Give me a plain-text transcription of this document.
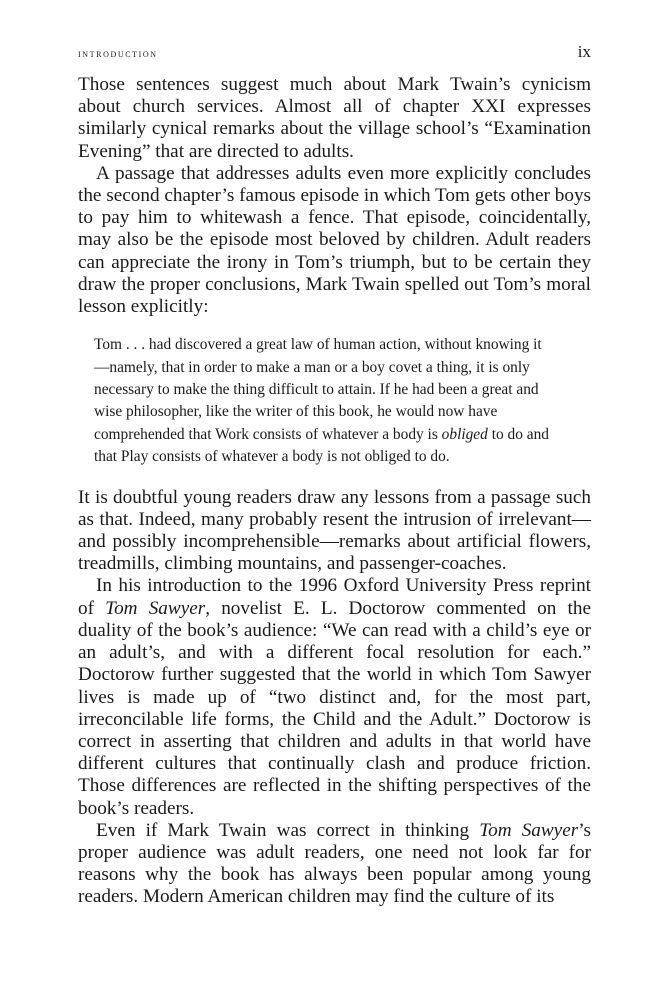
introduction	ix

Those sentences suggest much about Mark Twain’s cynicism about church services. Almost all of chapter XXI expresses similarly cynical remarks about the village school’s “Examination Evening” that are directed to adults.

A passage that addresses adults even more explicitly concludes the second chapter’s famous episode in which Tom gets other boys to pay him to whitewash a fence. That episode, coincidentally, may also be the episode most beloved by children. Adult readers can appreciate the irony in Tom’s triumph, but to be certain they draw the proper conclusions, Mark Twain spelled out Tom’s moral lesson explicitly:

Tom . . . had discovered a great law of human action, without knowing it—namely, that in order to make a man or a boy covet a thing, it is only necessary to make the thing difficult to attain. If he had been a great and wise philosopher, like the writer of this book, he would now have comprehended that Work consists of whatever a body is obliged to do and that Play consists of whatever a body is not obliged to do.

It is doubtful young readers draw any lessons from a passage such as that. Indeed, many probably resent the intrusion of irrelevant—and possibly incomprehensible—remarks about artificial flowers, treadmills, climbing mountains, and passenger-coaches.

In his introduction to the 1996 Oxford University Press reprint of Tom Sawyer, novelist E. L. Doctorow commented on the duality of the book’s audience: “We can read with a child’s eye or an adult’s, and with a different focal resolution for each.” Doctorow further suggested that the world in which Tom Sawyer lives is made up of “two distinct and, for the most part, irreconcilable life forms, the Child and the Adult.” Doctorow is correct in asserting that children and adults in that world have different cultures that continually clash and produce friction. Those differences are reflected in the shifting perspectives of the book’s readers.

Even if Mark Twain was correct in thinking Tom Sawyer’s proper audience was adult readers, one need not look far for reasons why the book has always been popular among young readers. Modern American children may find the culture of its
